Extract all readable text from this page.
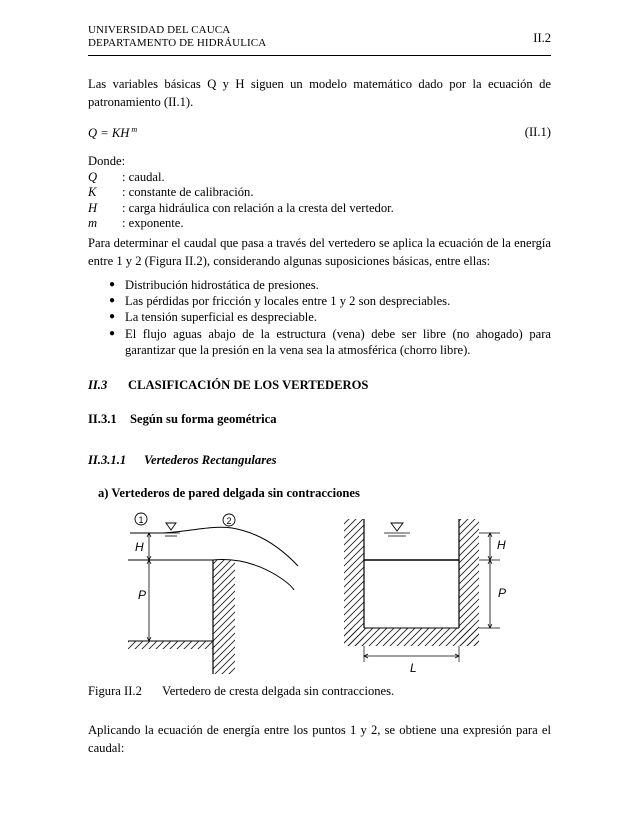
UNIVERSIDAD DEL CAUCA
DEPARTAMENTO DE HIDRÁULICA	II.2
Las variables básicas Q y H siguen un modelo matemático dado por la ecuación de patronamiento (II.1).
Q = KH $^m$	(II.1)
Donde:
Q	: caudal.
K	: constante de calibración.
H	: carga hidráulica con relación a la cresta del vertedor.
m	: exponente.
Para determinar el caudal que pasa a través del vertedero se aplica la ecuación de la energía entre 1 y 2 (Figura II.2), considerando algunas suposiciones básicas, entre ellas:
● Distribución hidrostática de presiones.
● Las pérdidas por fricción y locales entre 1 y 2 son despreciables.
● La tensión superficial es despreciable.
● El flujo aguas abajo de la estructura (vena) debe ser libre (no ahogado) para garantizar que la presión en la vena sea la atmosférica (chorro libre).
II.3 CLASIFICACIÓN DE LOS VERTEDEROS
II.3.1 Según su forma geométrica
II.3.1.1 Vertederos Rectangulares
a) Vertederos de pared delgada sin contracciones
1	2
H
P
H
P
L
Figura II.2 Vertedero de cresta delgada sin contracciones.
Aplicando la ecuación de energía entre los puntos 1 y 2, se obtiene una expresión para el caudal:
